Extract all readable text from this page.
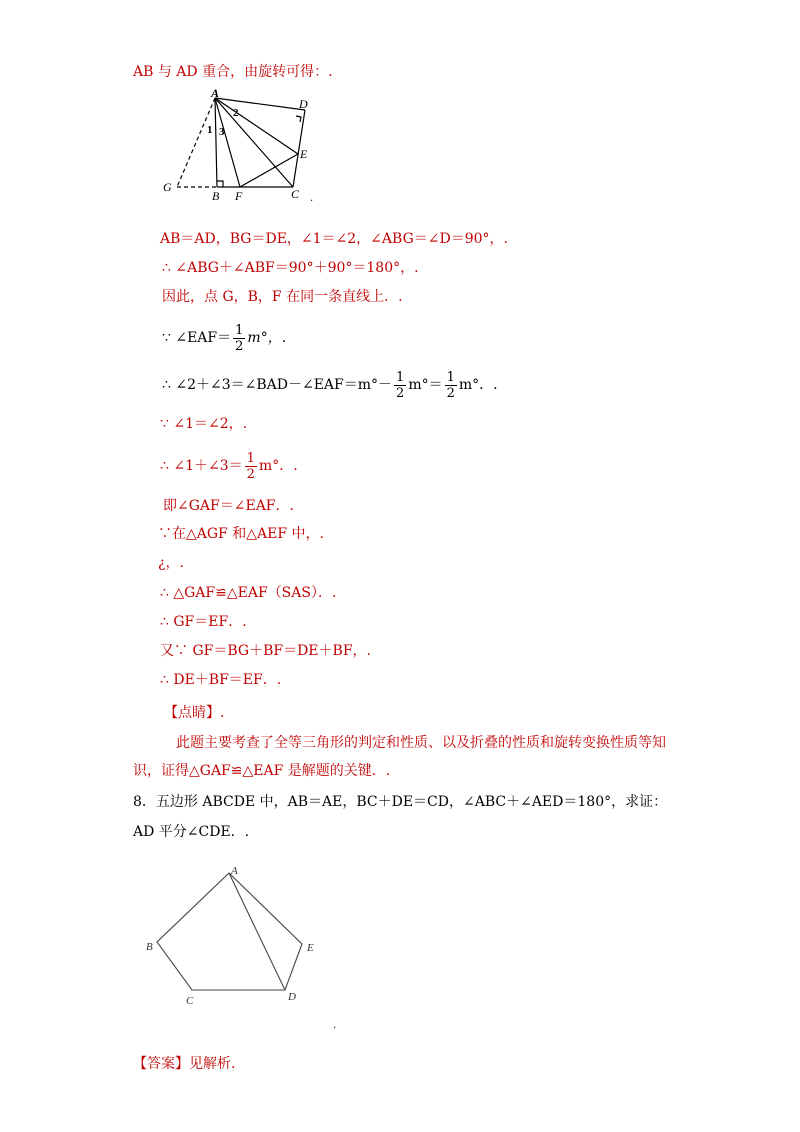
AB 与 AD 重合，由旋转可得：.
A
D
E
G
B F	C
1
2
3
.
AB＝AD，BG＝DE，∠1＝∠2，∠ABG＝∠D＝90°，.
∴ ∠ABG＋∠ABF＝90°＋90°＝180°，.
因此，点 G，B，F 在同一条直线上．.
∵ ∠EAF＝ $\frac{1}{2} m^\circ$，.
∴ ∠2＋∠3＝∠BAD－∠EAF＝m°－ $\frac{1}{2} m^\circ= \frac{1}{2} m^\circ$．.
∵ ∠1＝∠2，.
∴ ∠1＋∠3＝ $\frac{1}{2} m^\circ$．.
即∠GAF＝∠EAF．.
∵在△AGF 和△AEF 中，.
¿，.
∴ △GAF≌△EAF（SAS）．.
∴ GF＝EF．.
又∵ GF＝BG＋BF＝DE＋BF，.
∴ DE＋BF＝EF．.
【点睛】.
此题主要考查了全等三角形的判定和性质、以及折叠的性质和旋转变换性质等知
识，证得△GAF≌△EAF 是解题的关键．.
8．五边形 ABCDE 中，AB＝AE，BC＋DE＝CD，∠ABC＋∠AED＝180°，求证：
AD 平分∠CDE．.
A
B
C	D
E
.
【答案】见解析.
